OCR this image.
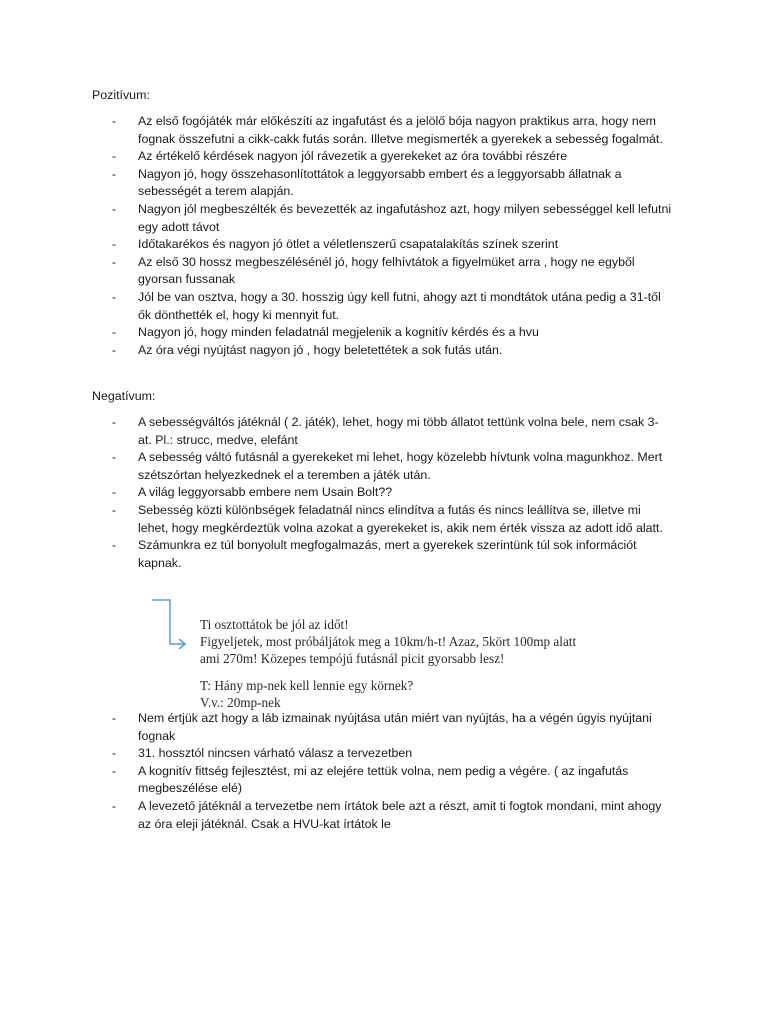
Pozitívum:

- Az első fogójáték már előkészíti az ingafutást és a jelölő bója nagyon praktikus arra, hogy nem fognak összefutni a cikk-cakk futás során. Illetve megismerték a gyerekek a sebesség fogalmát.
- Az értékelő kérdések nagyon jól rávezetik a gyerekeket az óra további részére
- Nagyon jó, hogy összehasonlítottátok a leggyorsabb embert és a leggyorsabb állatnak a sebességét a terem alapján.
- Nagyon jól megbeszélték és bevezették az ingafutáshoz azt, hogy milyen sebességgel kell lefutni egy adott távot
- Időtakarékos és nagyon jó ötlet a véletlenszerű csapatalakítás színek szerint
- Az első 30 hossz megbeszélésénél jó, hogy felhívtátok a figyelmüket arra , hogy ne egyből gyorsan fussanak
- Jól be van osztva, hogy a 30. hosszig úgy kell futni, ahogy azt ti mondtátok utána pedig a 31-től ők dönthették el, hogy ki mennyit fut.
- Nagyon jó, hogy minden feladatnál megjelenik a kognitív kérdés és a hvu
- Az óra végi nyújtást nagyon jó , hogy beletettétek a sok futás után.

Negatívum:

- A sebességváltós játéknál ( 2. játék), lehet, hogy mi több állatot tettünk volna bele, nem csak 3-at. Pl.: strucc, medve, elefánt
- A sebesség váltó futásnál a gyerekeket mi lehet, hogy közelebb hívtunk volna magunkhoz. Mert szétszórtan helyezkednek el a teremben a játék után.
- A világ leggyorsabb embere nem Usain Bolt??
- Sebesség közti különbségek feladatnál nincs elindítva a futás és nincs leállítva se, illetve mi lehet, hogy megkérdeztük volna azokat a gyerekeket is, akik nem érték vissza az adott idő alatt.
- Számunkra ez túl bonyolult megfogalmazás, mert a gyerekek szerintünk túl sok információt kapnak.

Ti osztottátok be jól az időt!

Figyeljetek, most próbáljátok meg a 10km/h-t! Azaz, 5kört 100mp alatt

ami 270m! Közepes tempójú futásnál picit gyorsabb lesz!

T: Hány mp-nek kell lennie egy körnek?

V.v.: 20mp-nek

- Nem értjük azt hogy a láb izmainak nyújtása után miért van nyújtás, ha a végén úgyis nyújtani fognak
- 31. hossztól nincsen várható válasz a tervezetben
- A kognitív fittség fejlesztést, mi az elejére tettük volna, nem pedig a végére. ( az ingafutás megbeszélése elé)
- A levezető játéknál a tervezetbe nem írtátok bele azt a részt, amit ti fogtok mondani, mint ahogy az óra eleji játéknál. Csak a HVU-kat írtátok le
